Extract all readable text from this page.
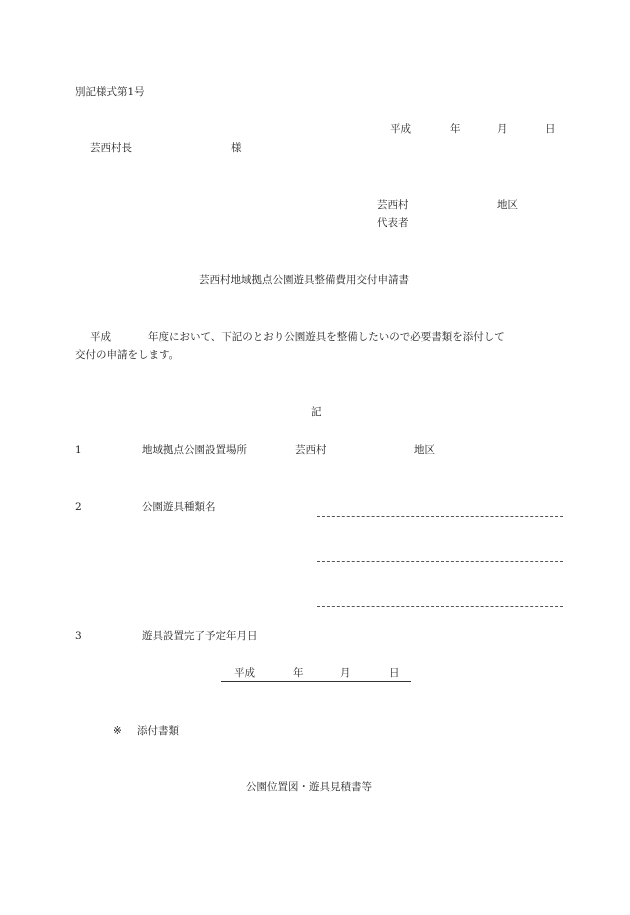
別記様式第1号
平成	年	月	日
芸西村長	様
芸西村	地区
代表者
芸西村地域拠点公園遊具整備費用交付申請書
平成	年度において、下記のとおり公園遊具を整備したいので必要書類を添付して
交付の申請をします。
記
1	地域拠点公園設置場所	芸西村	地区
2	公園遊具種類名
3	遊具設置完了予定年月日
平成	年	月	日
※ 添付書類
公園位置図・遊具見積書等
